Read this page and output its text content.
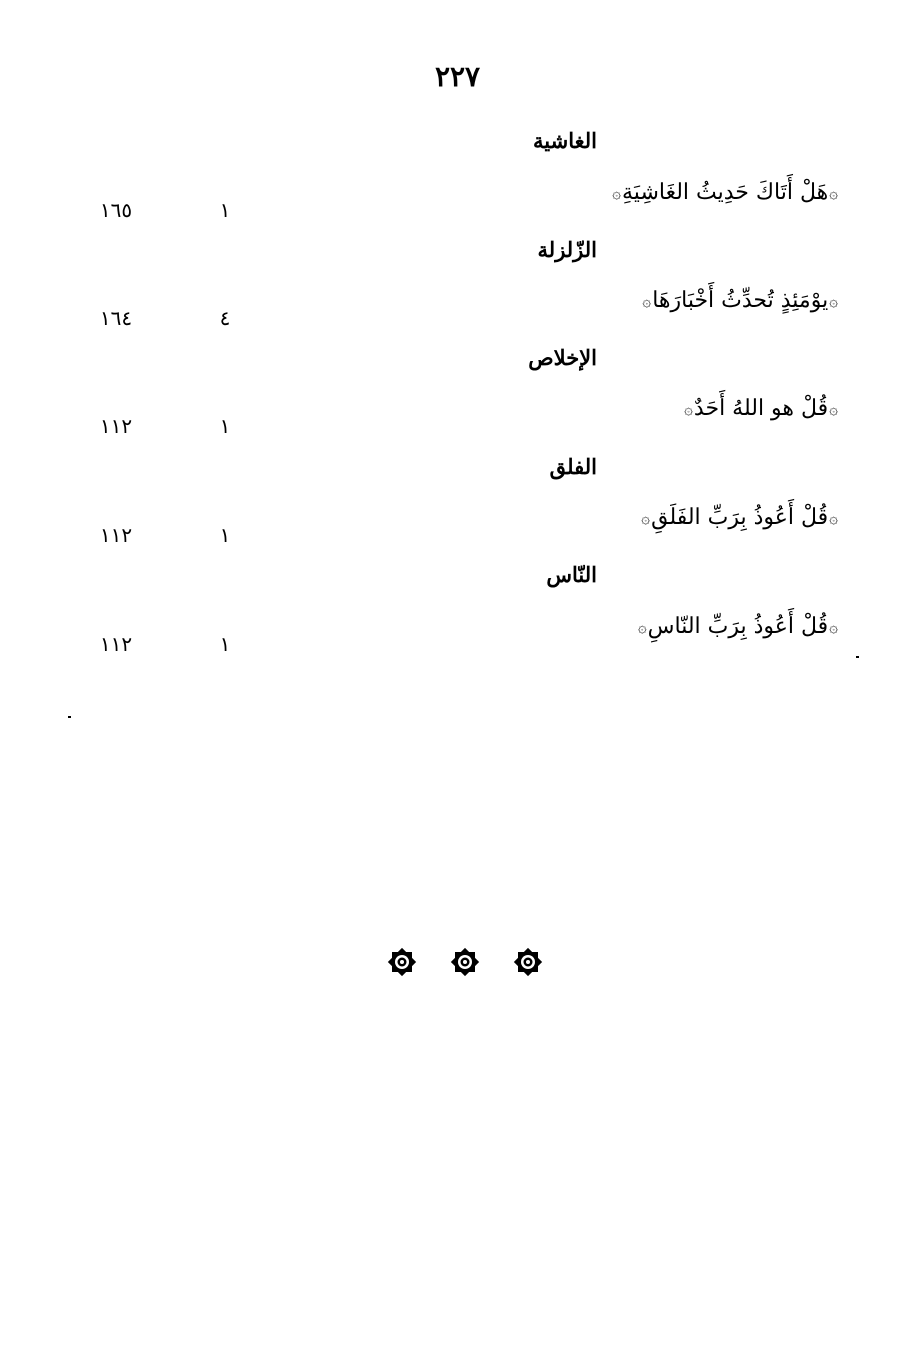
٢٢٧
الغاشية
۞هَلْ أَتَاكَ حَدِيثُ الغَاشِيَةِ۞
١
١٦٥
الزّلزلة
۞يوْمَئِذٍ تُحدِّثُ أَخْبَارَهَا۞
٤
١٦٤
الإخلاص
۞قُلْ هو اللهُ أَحَدٌ۞
١
١١٢
الفلق
۞قُلْ أَعُوذُ بِرَبِّ الفَلَقِ۞
١
١١٢
النّاس
۞قُلْ أَعُوذُ بِرَبِّ النّاسِ۞
١
١١٢
